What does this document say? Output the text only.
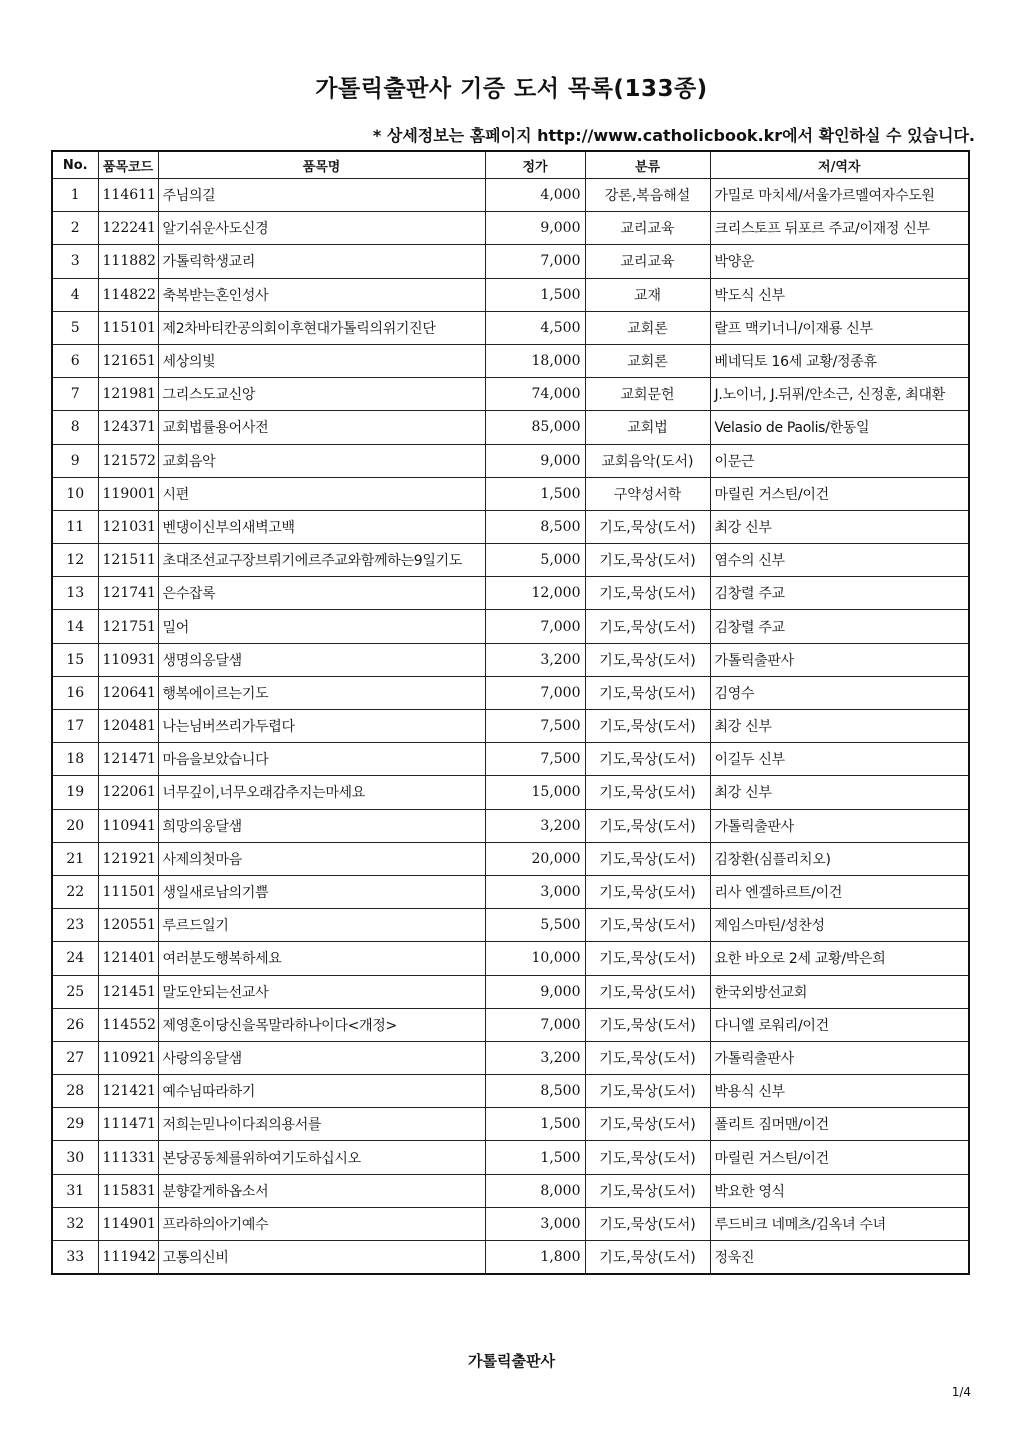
가톨릭출판사 기증 도서 목록(133종)
* 상세정보는 홈페이지 http://www.catholicbook.kr에서 확인하실 수 있습니다.
No.	품목코드	품목명	정가	분류	저/역자
1	114611	주님의길	4,000	강론,복음해설	가밀로 마치세/서울가르멜여자수도원
2	122241	알기쉬운사도신경	9,000	교리교육	크리스토프 뒤포르 주교/이재정 신부
3	111882	가톨릭학생교리	7,000	교리교육	박양운
4	114822	축복받는혼인성사	1,500	교재	박도식 신부
5	115101	제2차바티칸공의회이후현대가톨릭의위기진단	4,500	교회론	랄프 맥키너니/이재룡 신부
6	121651	세상의빛	18,000	교회론	베네딕토 16세 교황/정종휴
7	121981	그리스도교신앙	74,000	교회문헌	J.노이너, J.뒤퓌/안소근, 신정훈, 최대환
8	124371	교회법률용어사전	85,000	교회법	Velasio de Paolis/한동일
9	121572	교회음악	9,000	교회음악(도서)	이문근
10	119001	시편	1,500	구약성서학	마릴린 거스틴/이건
11	121031	벤댕이신부의새벽고백	8,500	기도,묵상(도서)	최강 신부
12	121511	초대조선교구장브뤼기에르주교와함께하는9일기도	5,000	기도,묵상(도서)	염수의 신부
13	121741	은수잡록	12,000	기도,묵상(도서)	김창렬 주교
14	121751	밀어	7,000	기도,묵상(도서)	김창렬 주교
15	110931	생명의옹달샘	3,200	기도,묵상(도서)	가톨릭출판사
16	120641	행복에이르는기도	7,000	기도,묵상(도서)	김영수
17	120481	나는님버쓰리가두렵다	7,500	기도,묵상(도서)	최강 신부
18	121471	마음을보았습니다	7,500	기도,묵상(도서)	이길두 신부
19	122061	너무깊이,너무오래감추지는마세요	15,000	기도,묵상(도서)	최강 신부
20	110941	희망의옹달샘	3,200	기도,묵상(도서)	가톨릭출판사
21	121921	사제의첫마음	20,000	기도,묵상(도서)	김창환(심플리치오)
22	111501	생일새로남의기쁨	3,000	기도,묵상(도서)	리사 엔겔하르트/이건
23	120551	루르드일기	5,500	기도,묵상(도서)	제임스마틴/성찬성
24	121401	여러분도행복하세요	10,000	기도,묵상(도서)	요한 바오로 2세 교황/박은희
25	121451	말도안되는선교사	9,000	기도,묵상(도서)	한국외방선교회
26	114552	제영혼이당신을목말라하나이다<개정>	7,000	기도,묵상(도서)	다니엘 로워리/이건
27	110921	사랑의옹달샘	3,200	기도,묵상(도서)	가톨릭출판사
28	121421	예수님따라하기	8,500	기도,묵상(도서)	박용식 신부
29	111471	저희는믿나이다죄의용서를	1,500	기도,묵상(도서)	폴리트 짐머맨/이건
30	111331	본당공동체를위하여기도하십시오	1,500	기도,묵상(도서)	마릴린 거스틴/이건
31	115831	분향같게하옵소서	8,000	기도,묵상(도서)	박요한 영식
32	114901	프라하의아기예수	3,000	기도,묵상(도서)	루드비크 네메츠/김옥녀 수녀
33	111942	고통의신비	1,800	기도,묵상(도서)	정욱진
가톨릭출판사
1/4
